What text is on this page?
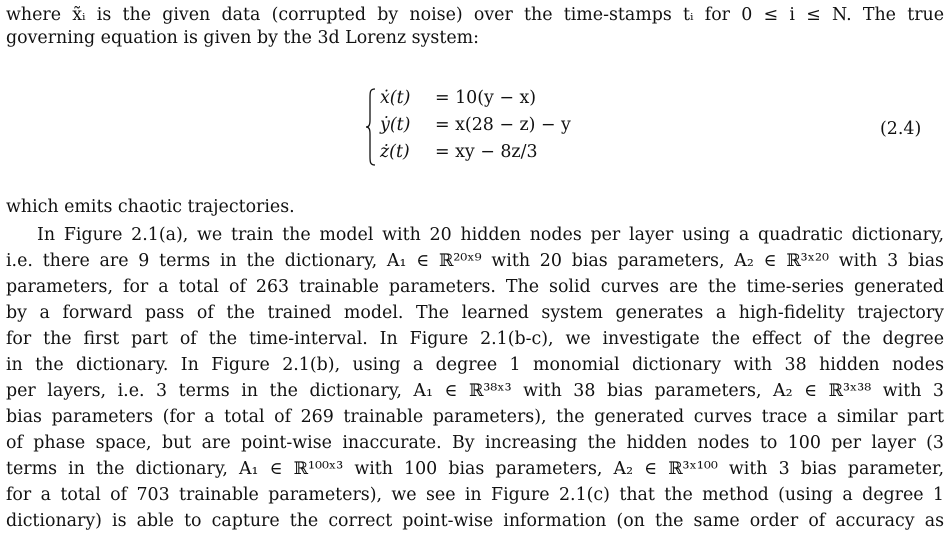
where x̃ᵢ is the given data (corrupted by noise) over the time-stamps tᵢ for 0 ≤ i ≤ N. The true
governing equation is given by the 3d Lorenz system:
ẋ(t) = 10(y − x)
ẏ(t) = x(28 − z) − y
ż(t) = xy − 8z/3
(2.4)
which emits chaotic trajectories.
In Figure 2.1(a), we train the model with 20 hidden nodes per layer using a quadratic dictionary,
i.e. there are 9 terms in the dictionary, A₁ ∈ ℝ²⁰ˣ⁹ with 20 bias parameters, A₂ ∈ ℝ³ˣ²⁰ with 3 bias
parameters, for a total of 263 trainable parameters. The solid curves are the time-series generated
by a forward pass of the trained model. The learned system generates a high-fidelity trajectory
for the first part of the time-interval. In Figure 2.1(b-c), we investigate the effect of the degree
in the dictionary. In Figure 2.1(b), using a degree 1 monomial dictionary with 38 hidden nodes
per layers, i.e. 3 terms in the dictionary, A₁ ∈ ℝ³⁸ˣ³ with 38 bias parameters, A₂ ∈ ℝ³ˣ³⁸ with 3
bias parameters (for a total of 269 trainable parameters), the generated curves trace a similar part
of phase space, but are point-wise inaccurate. By increasing the hidden nodes to 100 per layer (3
terms in the dictionary, A₁ ∈ ℝ¹⁰⁰ˣ³ with 100 bias parameters, A₂ ∈ ℝ³ˣ¹⁰⁰ with 3 bias parameter,
for a total of 703 trainable parameters), we see in Figure 2.1(c) that the method (using a degree 1
dictionary) is able to capture the correct point-wise information (on the same order of accuracy as
